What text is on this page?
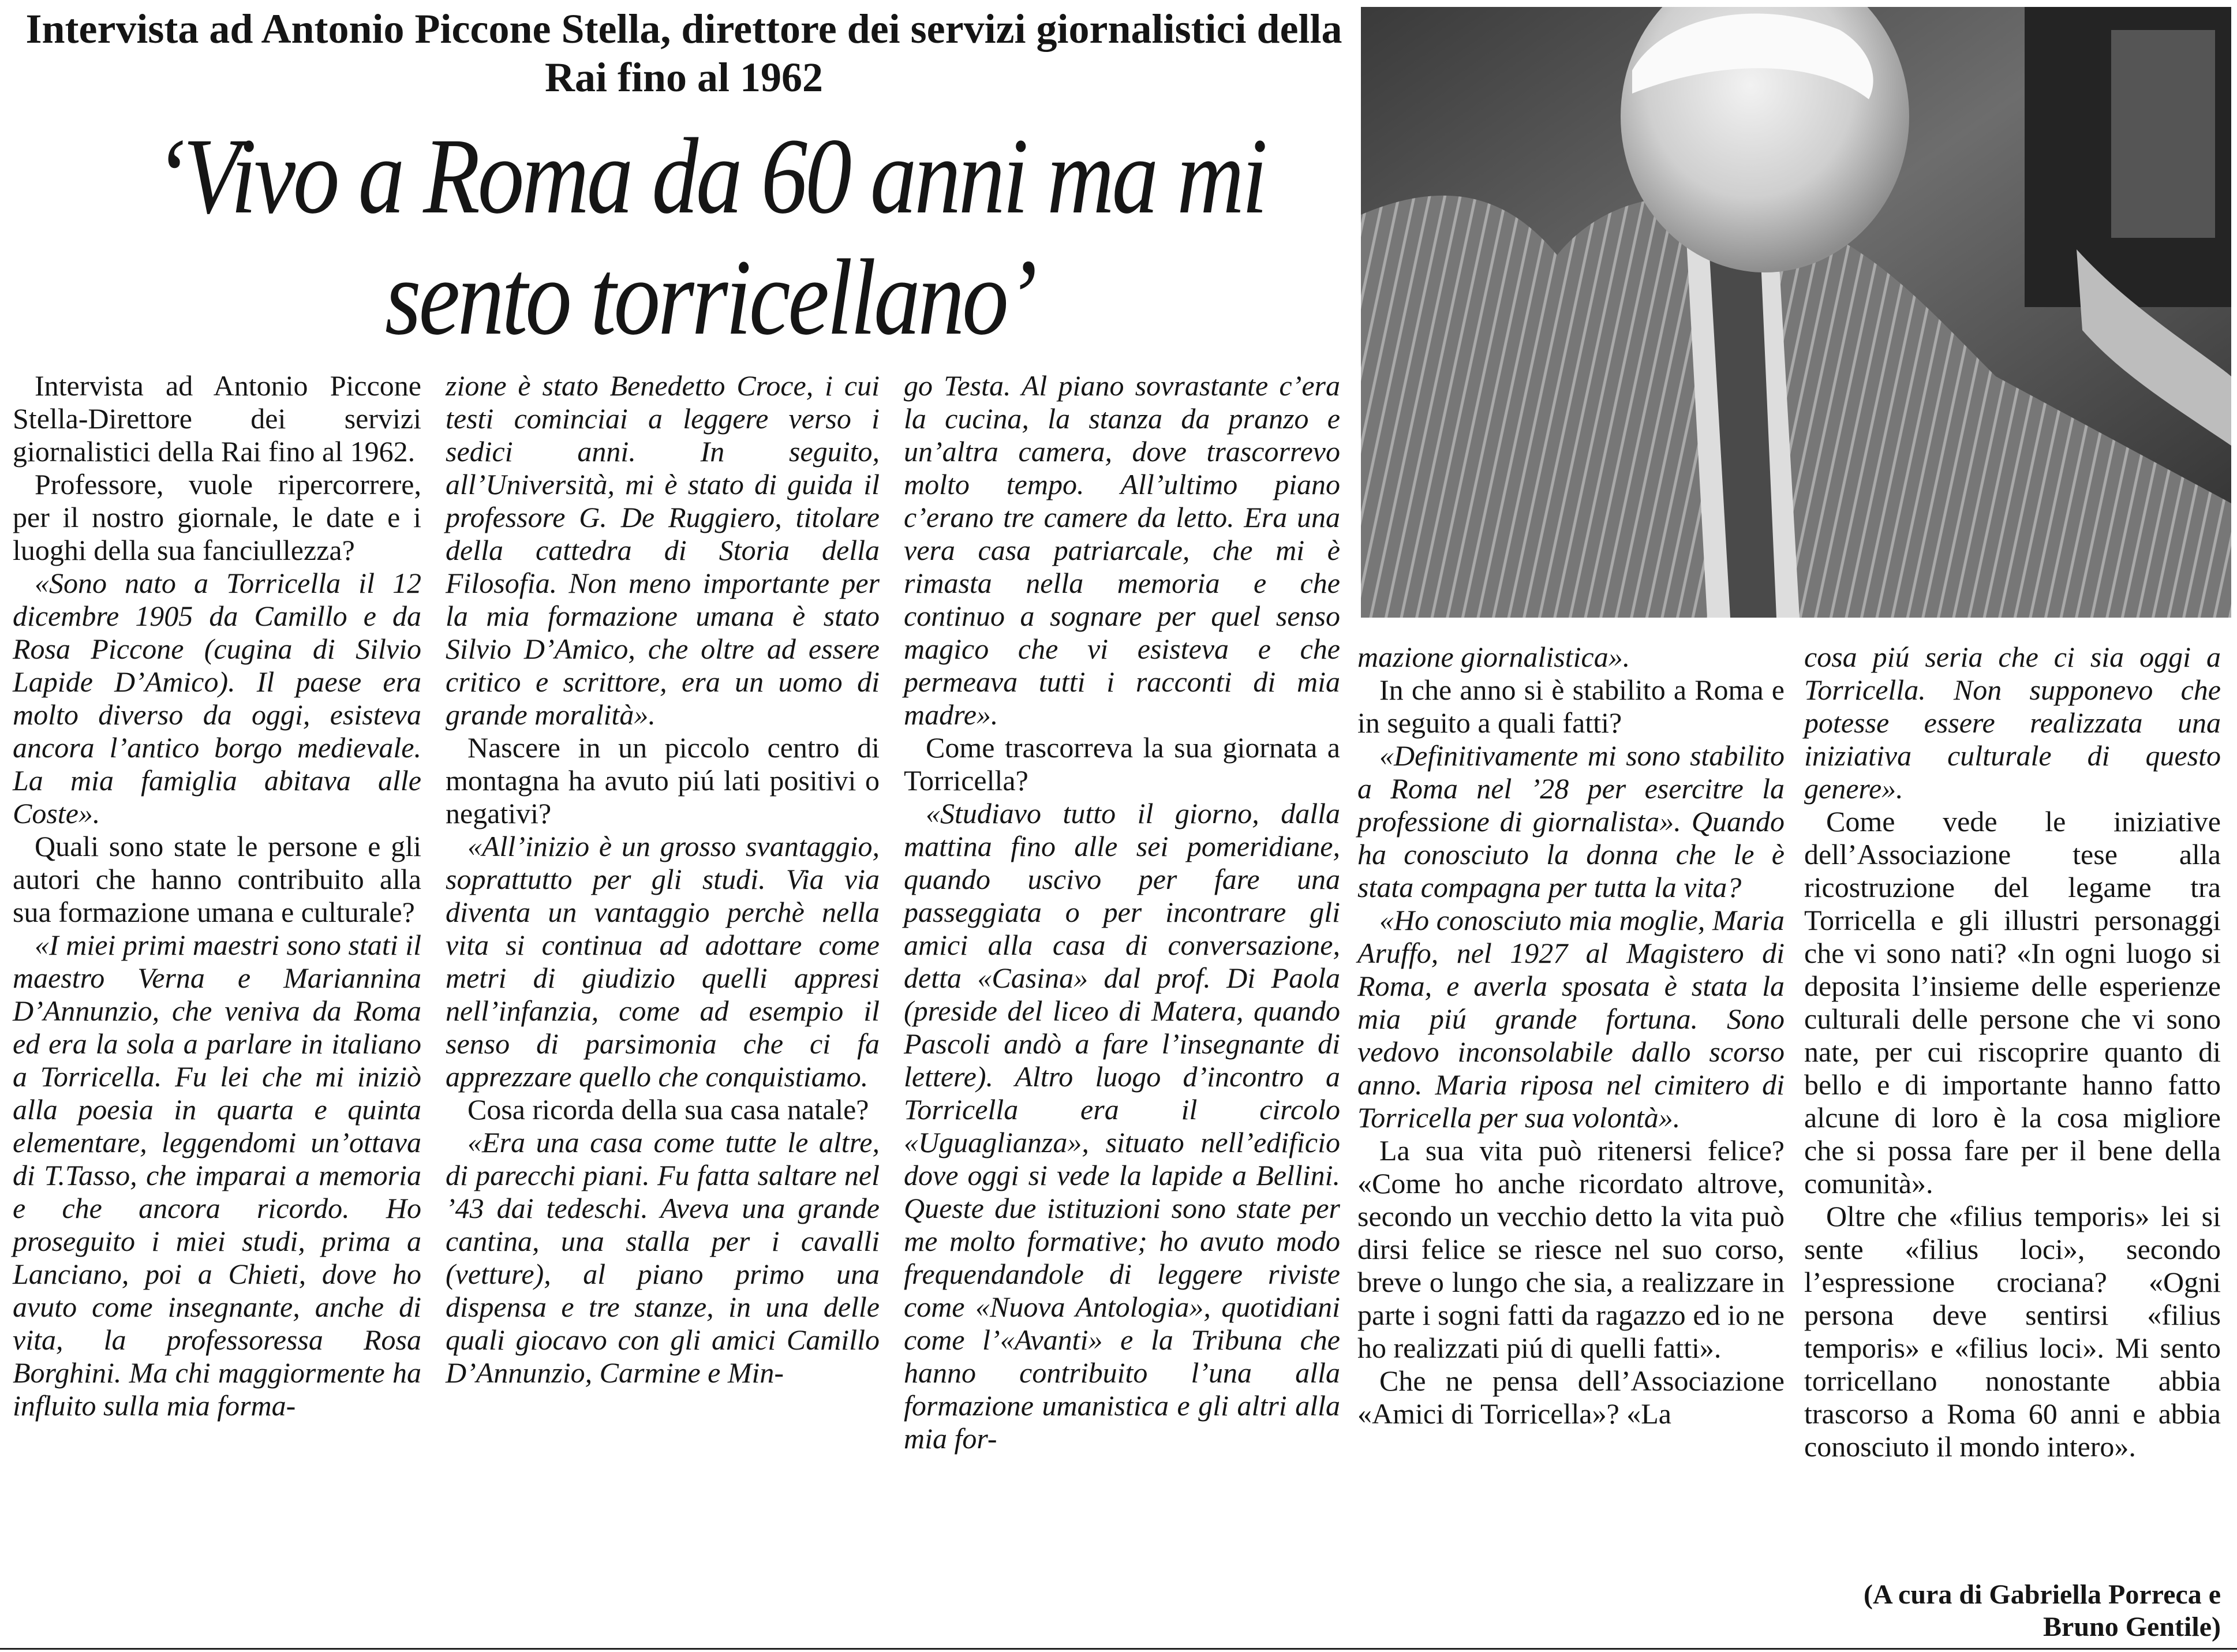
Intervista ad Antonio Piccone Stella, direttore dei servizi giornalistici della Rai fino al 1962
‘Vivo a Roma da 60 anni ma mi sento torricellano’

Intervista ad Antonio Piccone Stella-Direttore dei servizi giornalistici della Rai fino al 1962.

Professore, vuole ripercorrere, per il nostro giornale, le date e i luoghi della sua fanciullezza?

«Sono nato a Torricella il 12 dicembre 1905 da Camillo e da Rosa Piccone (cugina di Silvio Lapide D’Amico). Il paese era molto diverso da oggi, esisteva ancora l’antico borgo medievale. La mia famiglia abitava alle Coste».

Quali sono state le persone e gli autori che hanno contribuito alla sua formazione umana e culturale?

«I miei primi maestri sono stati il maestro Verna e Mariannina D’Annunzio, che veniva da Roma ed era la sola a parlare in italiano a Torricella. Fu lei che mi iniziò alla poesia in quarta e quinta elementare, leggendomi un’ottava di T.Tasso, che imparai a memoria e che ancora ricordo. Ho proseguito i miei studi, prima a Lanciano, poi a Chieti, dove ho avuto come insegnante, anche di vita, la professoressa Rosa Borghini. Ma chi maggiormente ha influito sulla mia forma-

zione è stato Benedetto Croce, i cui testi cominciai a leggere verso i sedici anni. In seguito, all’Università, mi è stato di guida il professore G. De Ruggiero, titolare della cattedra di Storia della Filosofia. Non meno importante per la mia formazione umana è stato Silvio D’Amico, che oltre ad essere critico e scrittore, era un uomo di grande moralità».

Nascere in un piccolo centro di montagna ha avuto piú lati positivi o negativi?

«All’inizio è un grosso svantaggio, soprattutto per gli studi. Via via diventa un vantaggio perchè nella vita si continua ad adottare come metri di giudizio quelli appresi nell’infanzia, come ad esempio il senso di parsimonia che ci fa apprezzare quello che conquistiamo.

Cosa ricorda della sua casa natale?

«Era una casa come tutte le altre, di parecchi piani. Fu fatta saltare nel ’43 dai tedeschi. Aveva una grande cantina, una stalla per i cavalli (vetture), al piano primo una dispensa e tre stanze, in una delle quali giocavo con gli amici Camillo D’Annunzio, Carmine e Min-

go Testa. Al piano sovrastante c’era la cucina, la stanza da pranzo e un’altra camera, dove trascorrevo molto tempo. All’ultimo piano c’erano tre camere da letto. Era una vera casa patriarcale, che mi è rimasta nella memoria e che continuo a sognare per quel senso magico che vi esisteva e che permeava tutti i racconti di mia madre».

Come trascorreva la sua giornata a Torricella?

«Studiavo tutto il giorno, dalla mattina fino alle sei pomeridiane, quando uscivo per fare una passeggiata o per incontrare gli amici alla casa di conversazione, detta «Casina» dal prof. Di Paola (preside del liceo di Matera, quando Pascoli andò a fare l’insegnante di lettere). Altro luogo d’incontro a Torricella era il circolo «Uguaglianza», situato nell’edificio dove oggi si vede la lapide a Bellini. Queste due istituzioni sono state per me molto formative; ho avuto modo frequendandole di leggere riviste come «Nuova Antologia», quotidiani come l’«Avanti» e la Tribuna che hanno contribuito l’una alla formazione umanistica e gli altri alla mia for-

mazione giornalistica».

In che anno si è stabilito a Roma e in seguito a quali fatti?

«Definitivamente mi sono stabilito a Roma nel ’28 per esercitre la professione di giornalista». Quando ha conosciuto la donna che le è stata compagna per tutta la vita?

«Ho conosciuto mia moglie, Maria Aruffo, nel 1927 al Magistero di Roma, e averla sposata è stata la mia piú grande fortuna. Sono vedovo inconsolabile dallo scorso anno. Maria riposa nel cimitero di Torricella per sua volontà».

La sua vita può ritenersi felice? «Come ho anche ricordato altrove, secondo un vecchio detto la vita può dirsi felice se riesce nel suo corso, breve o lungo che sia, a realizzare in parte i sogni fatti da ragazzo ed io ne ho realizzati piú di quelli fatti».

Che ne pensa dell’Associazione «Amici di Torricella»? «La

cosa piú seria che ci sia oggi a Torricella. Non supponevo che potesse essere realizzata una iniziativa culturale di questo genere».

Come vede le iniziative dell’Associazione tese alla ricostruzione del legame tra Torricella e gli illustri personaggi che vi sono nati? «In ogni luogo si deposita l’insieme delle esperienze culturali delle persone che vi sono nate, per cui riscoprire quanto di bello e di importante hanno fatto alcune di loro è la cosa migliore che si possa fare per il bene della comunità».

Oltre che «filius temporis» lei si sente «filius loci», secondo l’espressione crociana? «Ogni persona deve sentirsi «filius temporis» e «filius loci». Mi sento torricellano nonostante abbia trascorso a Roma 60 anni e abbia conosciuto il mondo intero».

(A cura di Gabriella Porreca e Bruno Gentile)
